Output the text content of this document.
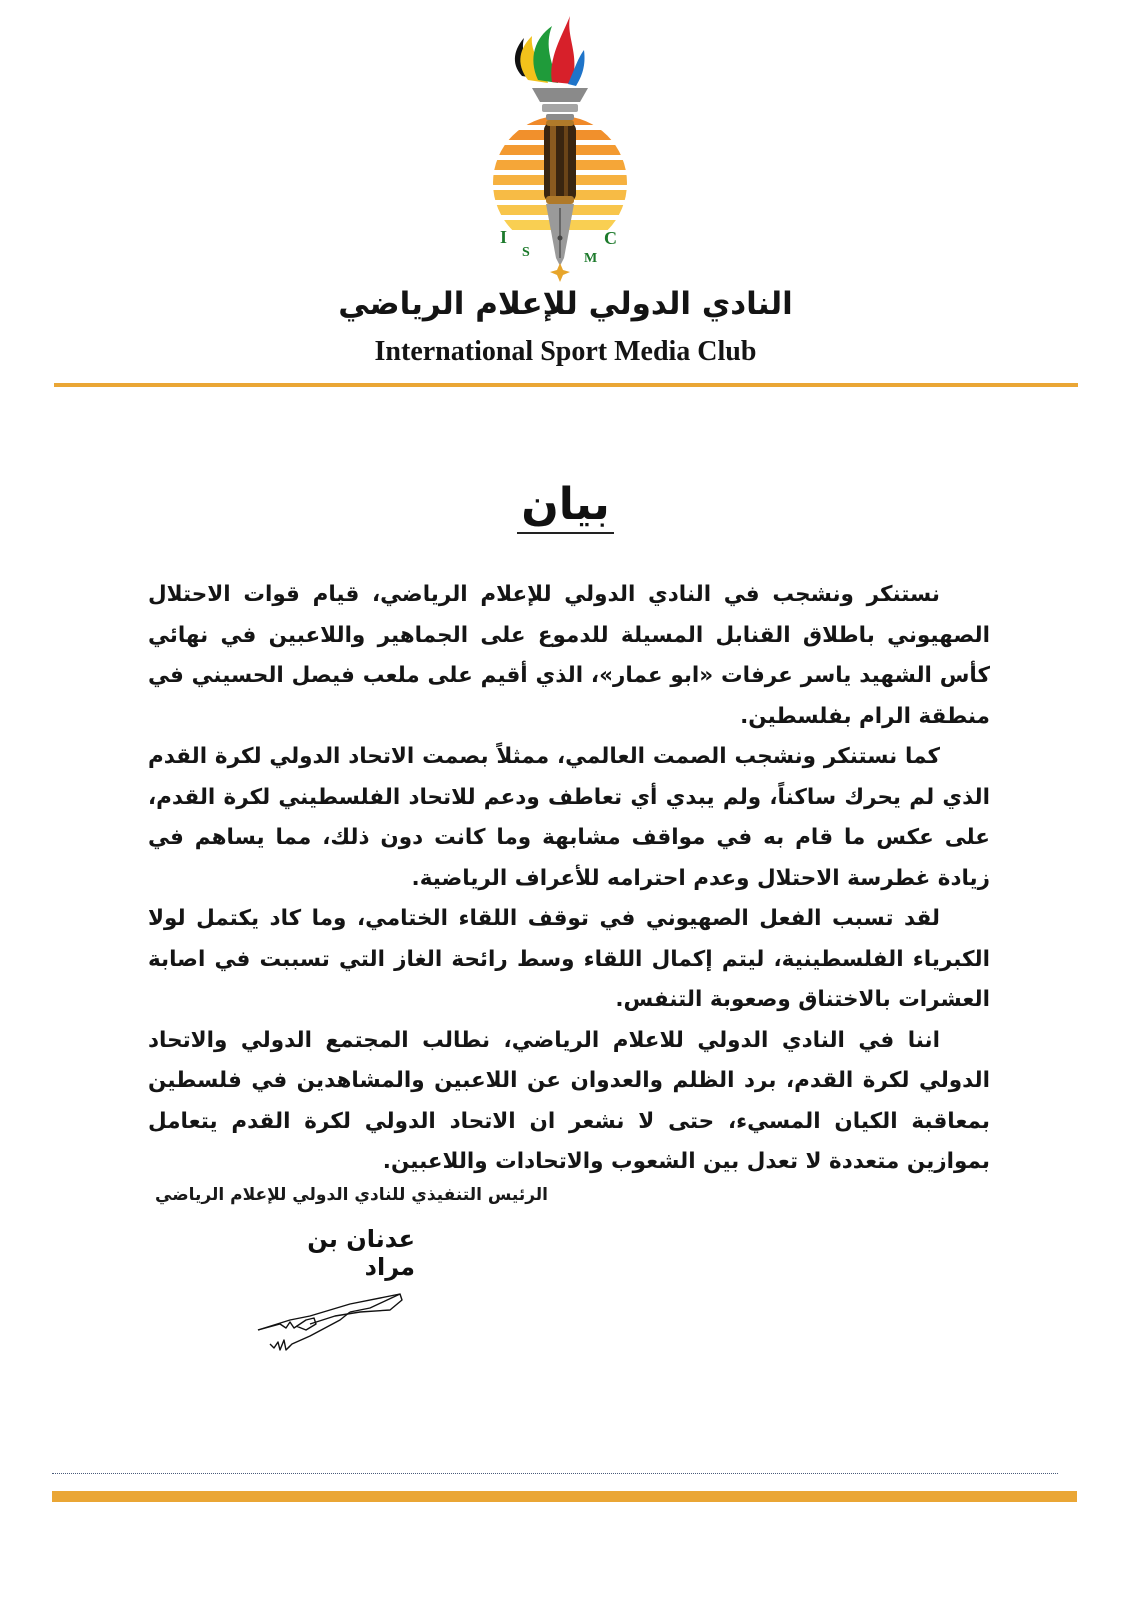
I
S	M
C
النادي الدولي للإعلام الرياضي
International Sport Media Club
بيان

نستنكر ونشجب في النادي الدولي للإعلام الرياضي، قيام قوات الاحتلال الصهيوني باطلاق القنابل المسيلة للدموع على الجماهير واللاعبين في نهائي كأس الشهيد ياسر عرفات «ابو عمار»، الذي أقيم على ملعب فيصل الحسيني في منطقة الرام بفلسطين.

كما نستنكر ونشجب الصمت العالمي، ممثلاً بصمت الاتحاد الدولي لكرة القدم الذي لم يحرك ساكناً، ولم يبدي أي تعاطف ودعم للاتحاد الفلسطيني لكرة القدم، على عكس ما قام به في مواقف مشابهة وما كانت دون ذلك، مما يساهم في زيادة غطرسة الاحتلال وعدم احترامه للأعراف الرياضية.

لقد تسبب الفعل الصهيوني في توقف اللقاء الختامي، وما كاد يكتمل لولا الكبرياء الفلسطينية، ليتم إكمال اللقاء وسط رائحة الغاز التي تسببت في اصابة العشرات بالاختناق وصعوبة التنفس.

اننا في النادي الدولي للاعلام الرياضي، نطالب المجتمع الدولي والاتحاد الدولي لكرة القدم، برد الظلم والعدوان عن اللاعبين والمشاهدين في فلسطين بمعاقبة الكيان المسيء، حتى لا نشعر ان الاتحاد الدولي لكرة القدم يتعامل بموازين متعددة لا تعدل بين الشعوب والاتحادات واللاعبين.

الرئيس التنفيذي للنادي الدولي للإعلام الرياضي
عدنان بن مراد
